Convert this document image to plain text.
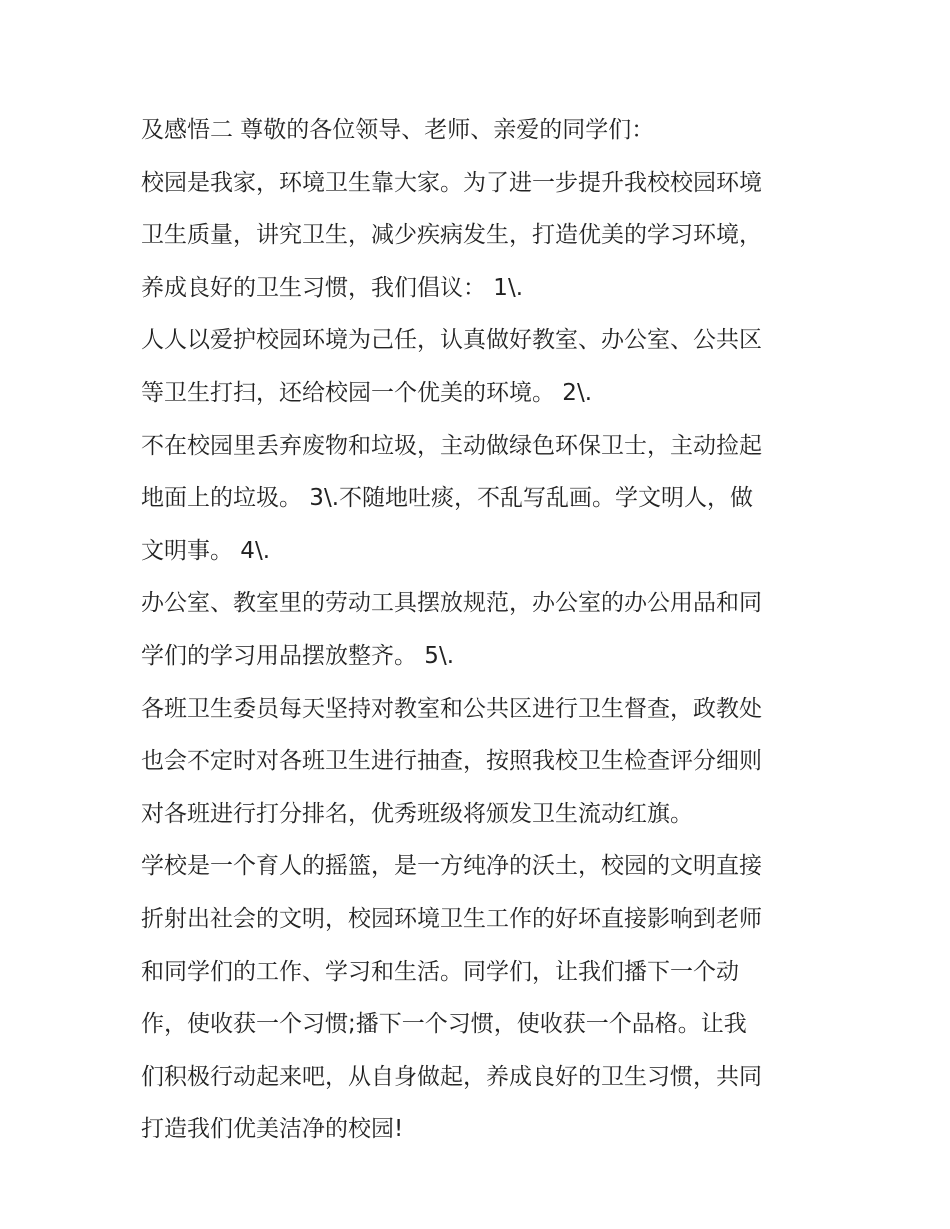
及感悟二 尊敬的各位领导、老师、亲爱的同学们：
校园是我家，环境卫生靠大家。为了进一步提升我校校园环境
卫生质量，讲究卫生，减少疾病发生，打造优美的学习环境，
养成良好的卫生习惯，我们倡议： 1\.
人人以爱护校园环境为己任，认真做好教室、办公室、公共区
等卫生打扫，还给校园一个优美的环境。 2\.
不在校园里丢弃废物和垃圾，主动做绿色环保卫士，主动捡起
地面上的垃圾。 3\.不随地吐痰，不乱写乱画。学文明人，做
文明事。 4\.
办公室、教室里的劳动工具摆放规范，办公室的办公用品和同
学们的学习用品摆放整齐。 5\.
各班卫生委员每天坚持对教室和公共区进行卫生督查，政教处
也会不定时对各班卫生进行抽查，按照我校卫生检查评分细则
对各班进行打分排名，优秀班级将颁发卫生流动红旗。
学校是一个育人的摇篮，是一方纯净的沃土，校园的文明直接
折射出社会的文明，校园环境卫生工作的好坏直接影响到老师
和同学们的工作、学习和生活。同学们，让我们播下一个动
作，使收获一个习惯;播下一个习惯，使收获一个品格。让我
们积极行动起来吧，从自身做起，养成良好的卫生习惯，共同
打造我们优美洁净的校园!
